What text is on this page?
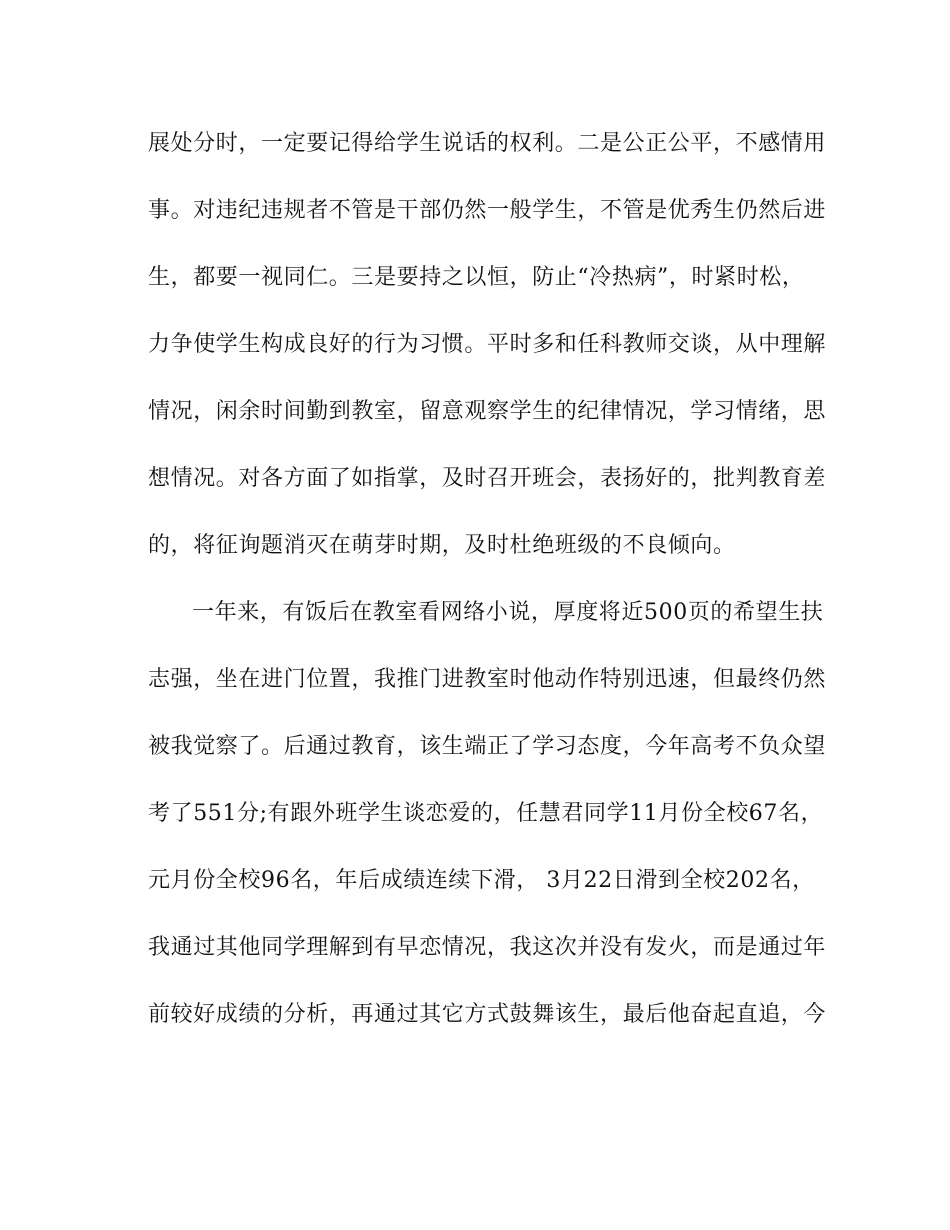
展处分时，一定要记得给学生说话的权利。二是公正公平，不感情用
事。对违纪违规者不管是干部仍然一般学生，不管是优秀生仍然后进
生，都要一视同仁。三是要持之以恒，防止“冷热病”，时紧时松，
力争使学生构成良好的行为习惯。平时多和任科教师交谈，从中理解
情况，闲余时间勤到教室，留意观察学生的纪律情况，学习情绪，思
想情况。对各方面了如指掌，及时召开班会，表扬好的，批判教育差
的，将征询题消灭在萌芽时期，及时杜绝班级的不良倾向。
一年来，有饭后在教室看网络小说，厚度将近500页的希望生扶
志强，坐在进门位置，我推门进教室时他动作特别迅速，但最终仍然
被我觉察了。后通过教育，该生端正了学习态度，今年高考不负众望
考了551分;有跟外班学生谈恋爱的，任慧君同学11月份全校67名，
元月份全校96名，年后成绩连续下滑， 3月22日滑到全校202名，
我通过其他同学理解到有早恋情况，我这次并没有发火，而是通过年
前较好成绩的分析，再通过其它方式鼓舞该生，最后他奋起直追，今
